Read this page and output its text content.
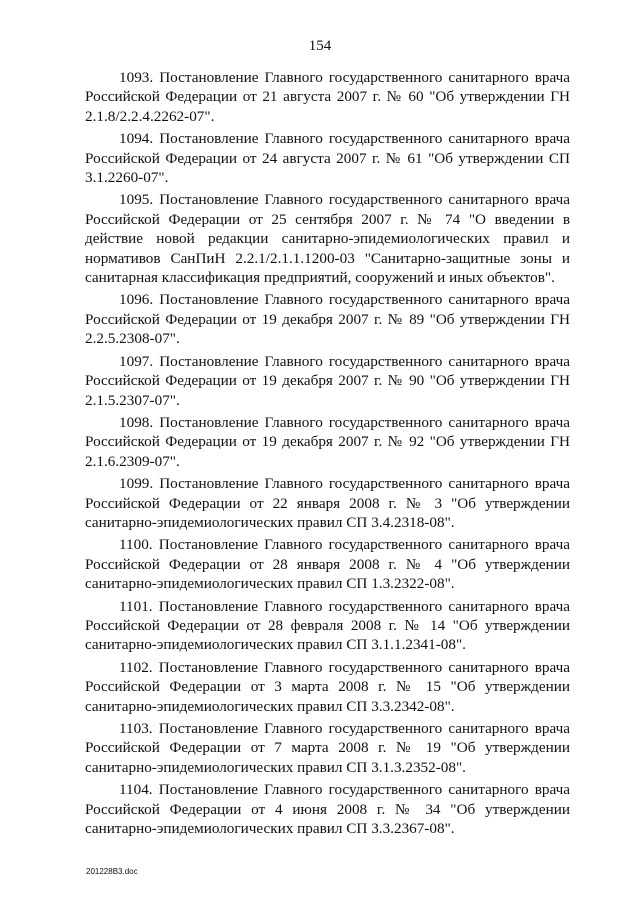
154

1093. Постановление Главного государственного санитарного врача Российской Федерации от 21 августа 2007 г. № 60 "Об утверждении ГН 2.1.8/2.2.4.2262-07".

1094. Постановление Главного государственного санитарного врача Российской Федерации от 24 августа 2007 г. № 61 "Об утверждении СП 3.1.2260-07".

1095. Постановление Главного государственного санитарного врача Российской Федерации от 25 сентября 2007 г. № 74 "О введении в действие новой редакции санитарно-эпидемиологических правил и нормативов СанПиН 2.2.1/2.1.1.1200-03 "Санитарно-защитные зоны и санитарная классификация предприятий, сооружений и иных объектов".

1096. Постановление Главного государственного санитарного врача Российской Федерации от 19 декабря 2007 г. № 89 "Об утверждении ГН 2.2.5.2308-07".

1097. Постановление Главного государственного санитарного врача Российской Федерации от 19 декабря 2007 г. № 90 "Об утверждении ГН 2.1.5.2307-07".

1098. Постановление Главного государственного санитарного врача Российской Федерации от 19 декабря 2007 г. № 92 "Об утверждении ГН 2.1.6.2309-07".

1099. Постановление Главного государственного санитарного врача Российской Федерации от 22 января 2008 г. № 3 "Об утверждении санитарно-эпидемиологических правил СП 3.4.2318-08".

1100. Постановление Главного государственного санитарного врача Российской Федерации от 28 января 2008 г. № 4 "Об утверждении санитарно-эпидемиологических правил СП 1.3.2322-08".

1101. Постановление Главного государственного санитарного врача Российской Федерации от 28 февраля 2008 г. № 14 "Об утверждении санитарно-эпидемиологических правил СП 3.1.1.2341-08".

1102. Постановление Главного государственного санитарного врача Российской Федерации от 3 марта 2008 г. № 15 "Об утверждении санитарно-эпидемиологических правил СП 3.3.2342-08".

1103. Постановление Главного государственного санитарного врача Российской Федерации от 7 марта 2008 г. № 19 "Об утверждении санитарно-эпидемиологических правил СП 3.1.3.2352-08".

1104. Постановление Главного государственного санитарного врача Российской Федерации от 4 июня 2008 г. № 34 "Об утверждении санитарно-эпидемиологических правил СП 3.3.2367-08".

201228B3.doc
